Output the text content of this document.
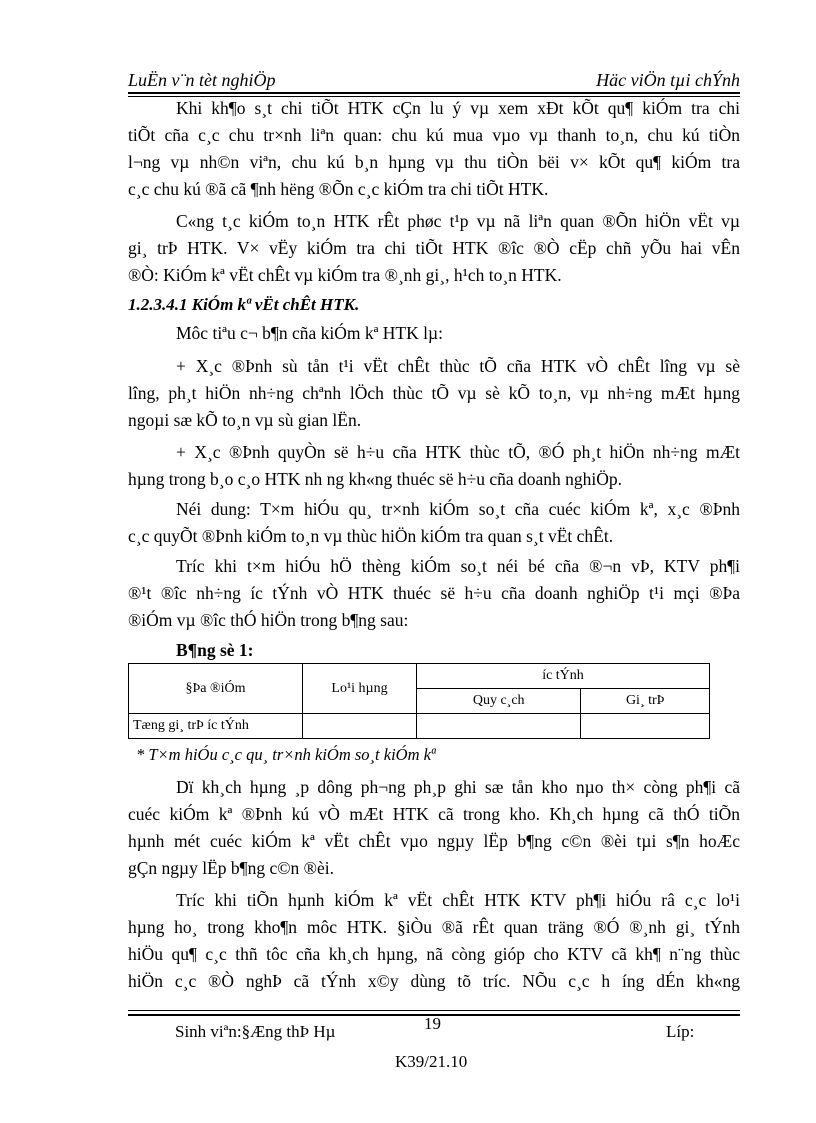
LuËn v¨n tèt nghiÖp	Häc viÖn tµi chÝnh
Khi kh¶o s¸t chi tiÕt HTK cÇn lu ý vµ xem xÐt kÕt qu¶ kiÓm tra chi
tiÕt cña c¸c chu tr×nh liªn quan: chu kú mua vµo vµ thanh to¸n, chu kú tiÒn
l¬ng vµ nh©n viªn, chu kú b¸n hµng vµ thu tiÒn bëi v× kÕt qu¶ kiÓm tra
c¸c chu kú ®ã cã ¶nh hëng ®Õn c¸c kiÓm tra chi tiÕt HTK.
C«ng t¸c kiÓm to¸n HTK rÊt phøc t¹p vµ nã liªn quan ®Õn hiÖn vËt vµ
gi¸ trÞ HTK. V× vËy kiÓm tra chi tiÕt HTK ®îc ®Ò cËp chñ yÕu hai vÊn
®Ò: KiÓm kª vËt chÊt vµ kiÓm tra ®¸nh gi¸, h¹ch to¸n HTK.
1.2.3.4.1 KiÓm kª vËt chÊt HTK.
Môc tiªu c¬ b¶n cña kiÓm kª HTK lµ:
+ X¸c ®Þnh sù tån t¹i vËt chÊt thùc tÕ cña HTK vÒ chÊt lîng vµ sè
lîng, ph¸t hiÖn nh÷ng chªnh lÖch thùc tÕ vµ sè kÕ to¸n, vµ nh÷ng mÆt hµng
ngoµi sæ kÕ to¸n vµ sù gian lËn.
+ X¸c ®Þnh quyÒn së h÷u cña HTK thùc tÕ, ®Ó ph¸t hiÖn nh÷ng mÆt
hµng trong b¸o c¸o HTK nh ng kh«ng thuéc së h÷u cña doanh nghiÖp.
Néi dung: T×m hiÓu qu¸ tr×nh kiÓm so¸t cña cuéc kiÓm kª, x¸c ®Þnh
c¸c quyÕt ®Þnh kiÓm to¸n vµ thùc hiÖn kiÓm tra quan s¸t vËt chÊt.
Tríc khi t×m hiÓu hÖ thèng kiÓm so¸t néi bé cña ®¬n vÞ, KTV ph¶i
®¹t ®îc nh÷ng íc tÝnh vÒ HTK thuéc së h÷u cña doanh nghiÖp t¹i mçi ®Þa
®iÓm vµ ®îc thÓ hiÖn trong b¶ng sau:
B¶ng sè 1:
§Þa ®iÓm	Lo¹i hµng	íc tÝnh	
		Quy c¸ch	Gi¸ trÞ
Tæng gi¸ trÞ íc tÝnh			
* T×m hiÓu c¸c qu¸ tr×nh kiÓm so¸t kiÓm kª
Dï kh¸ch hµng ¸p dông ph¬ng ph¸p ghi sæ tån kho nµo th× còng ph¶i cã
cuéc kiÓm kª ®Þnh kú vÒ mÆt HTK cã trong kho. Kh¸ch hµng cã thÓ tiÕn
hµnh mét cuéc kiÓm kª vËt chÊt vµo ngµy lËp b¶ng c©n ®èi tµi s¶n hoÆc
gÇn ngµy lËp b¶ng c©n ®èi.
Tríc khi tiÕn hµnh kiÓm kª vËt chÊt HTK KTV ph¶i hiÓu râ c¸c lo¹i
hµng ho¸ trong kho¶n môc HTK. §iÒu ®ã rÊt quan träng ®Ó ®¸nh gi¸ tÝnh
hiÖu qu¶ c¸c thñ tôc cña kh¸ch hµng, nã còng gióp cho KTV cã kh¶ n¨ng thùc
hiÖn c¸c ®Ò nghÞ cã tÝnh x©y dùng tõ tríc. NÕu c¸c h íng dÉn kh«ng
Sinh viªn:§Æng thÞ Hµ	19	Líp:
K39/21.10
